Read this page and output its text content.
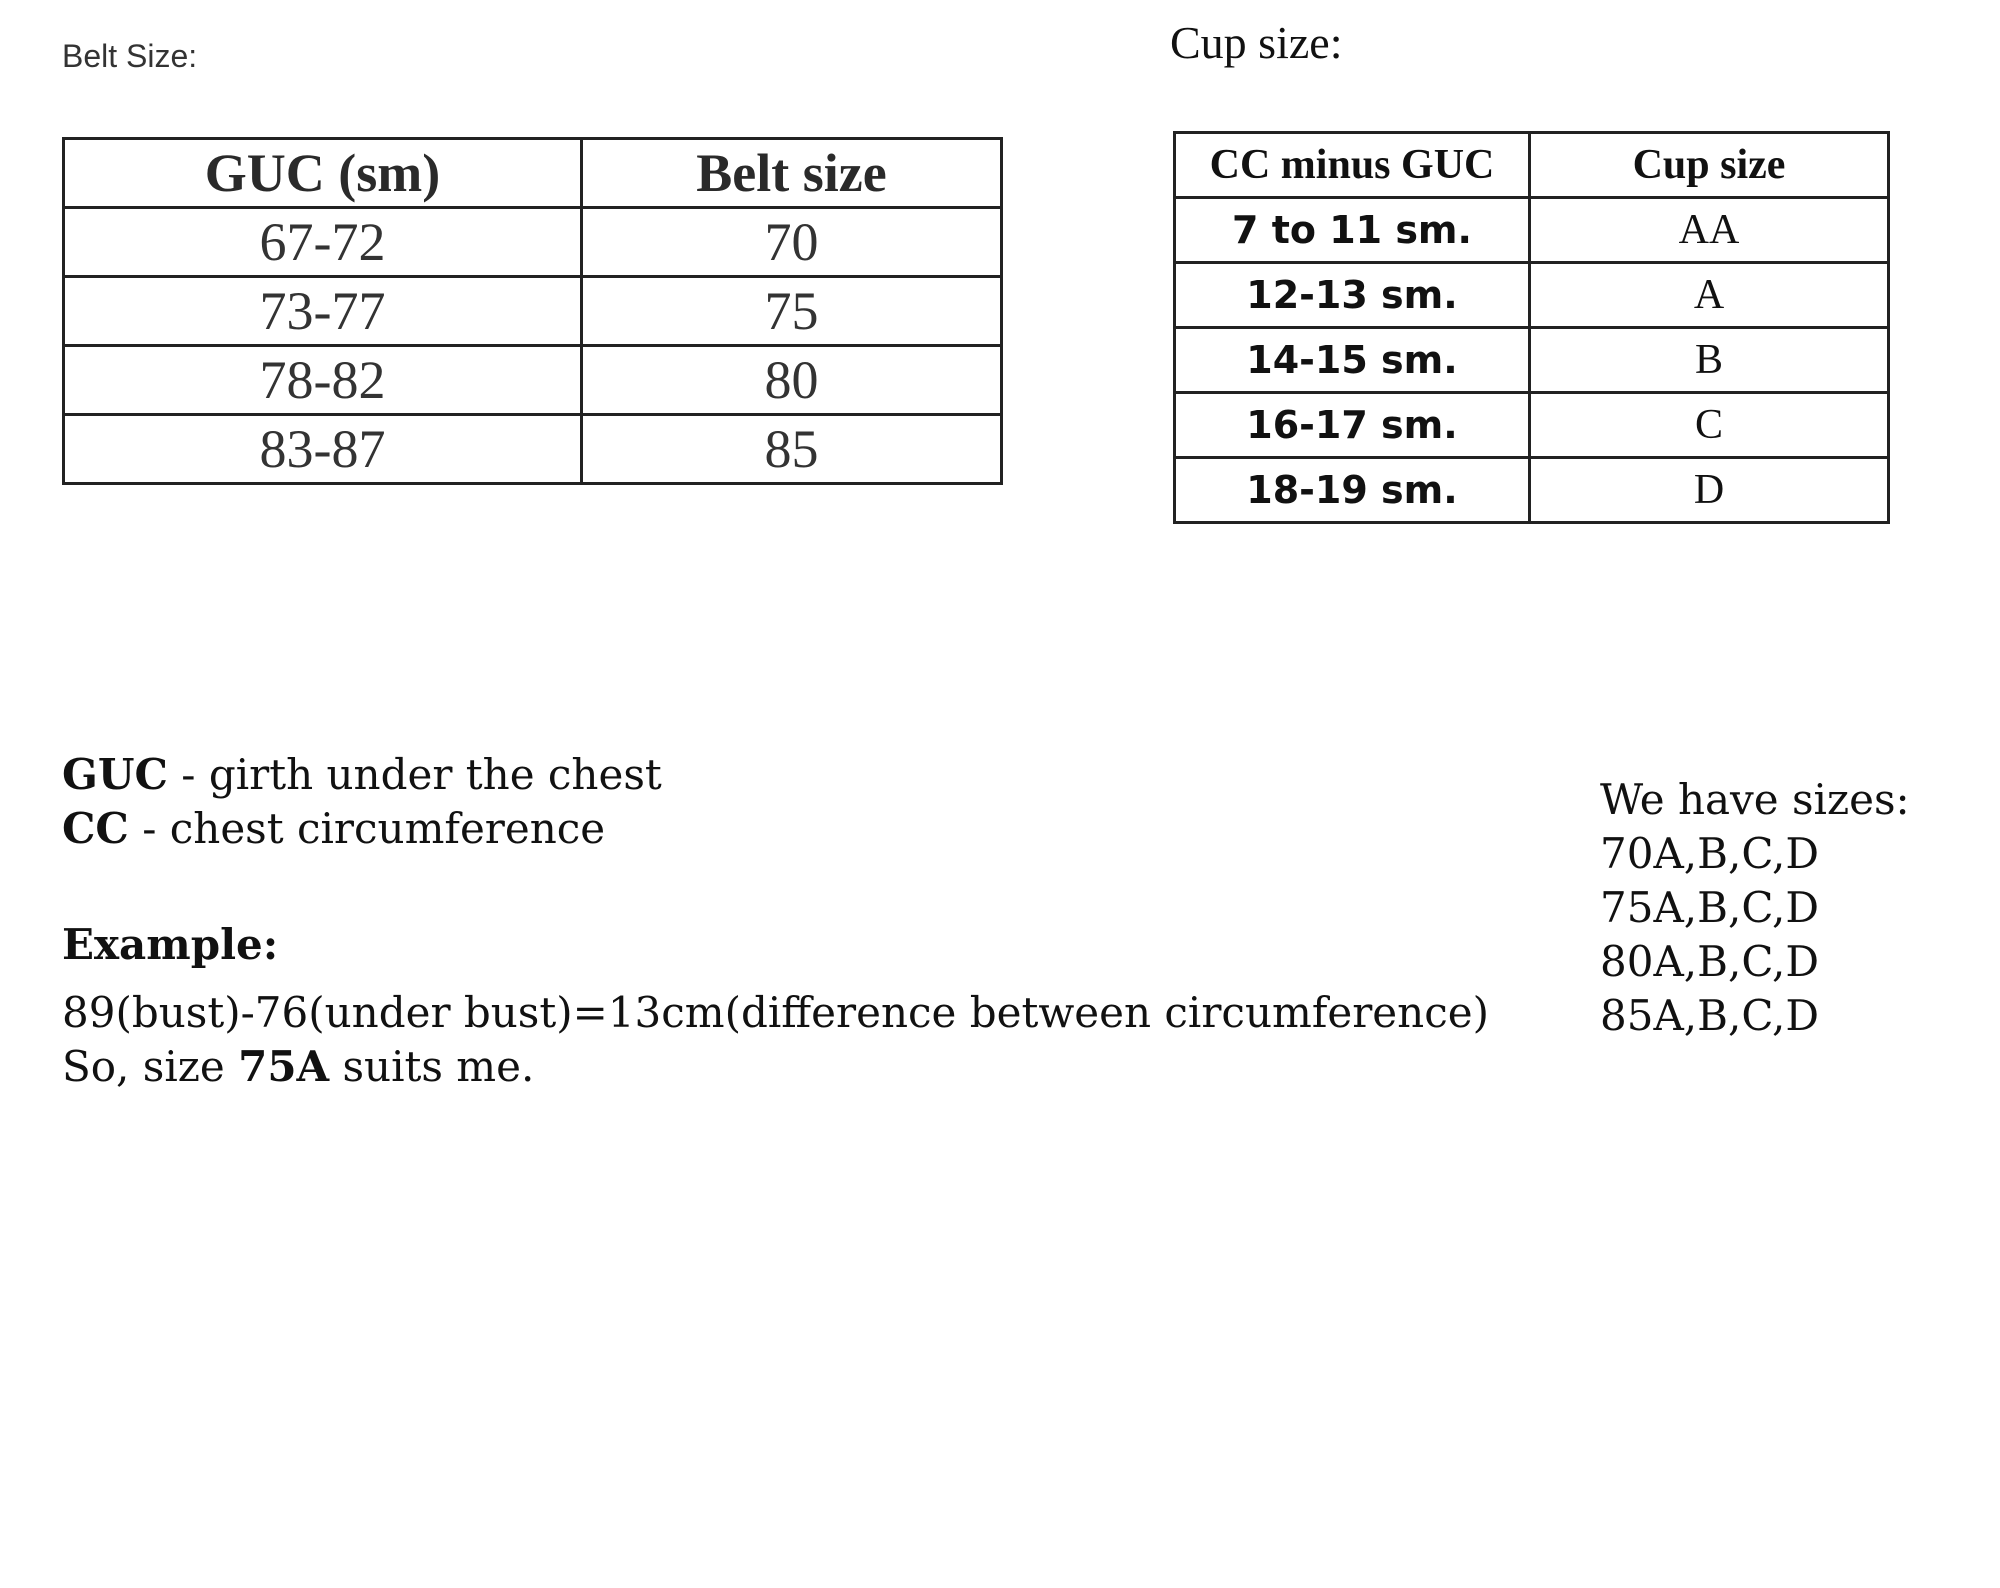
Belt Size:
GUC (sm)	Belt size
67-72	70
73-77	75
78-82	80
83-87	85
Cup size:
CC minus GUC	Cup size
7 to 11 sm.	AA
12-13 sm.	A
14-15 sm.	B
16-17 sm.	C
18-19 sm.	D
GUC - girth under the chest
CC - chest circumference
Example:
89(bust)-76(under bust)=13cm(difference between circumference)
So, size 75A suits me.
We have sizes:
70A,B,C,D
75A,B,C,D
80A,B,C,D
85A,B,C,D
